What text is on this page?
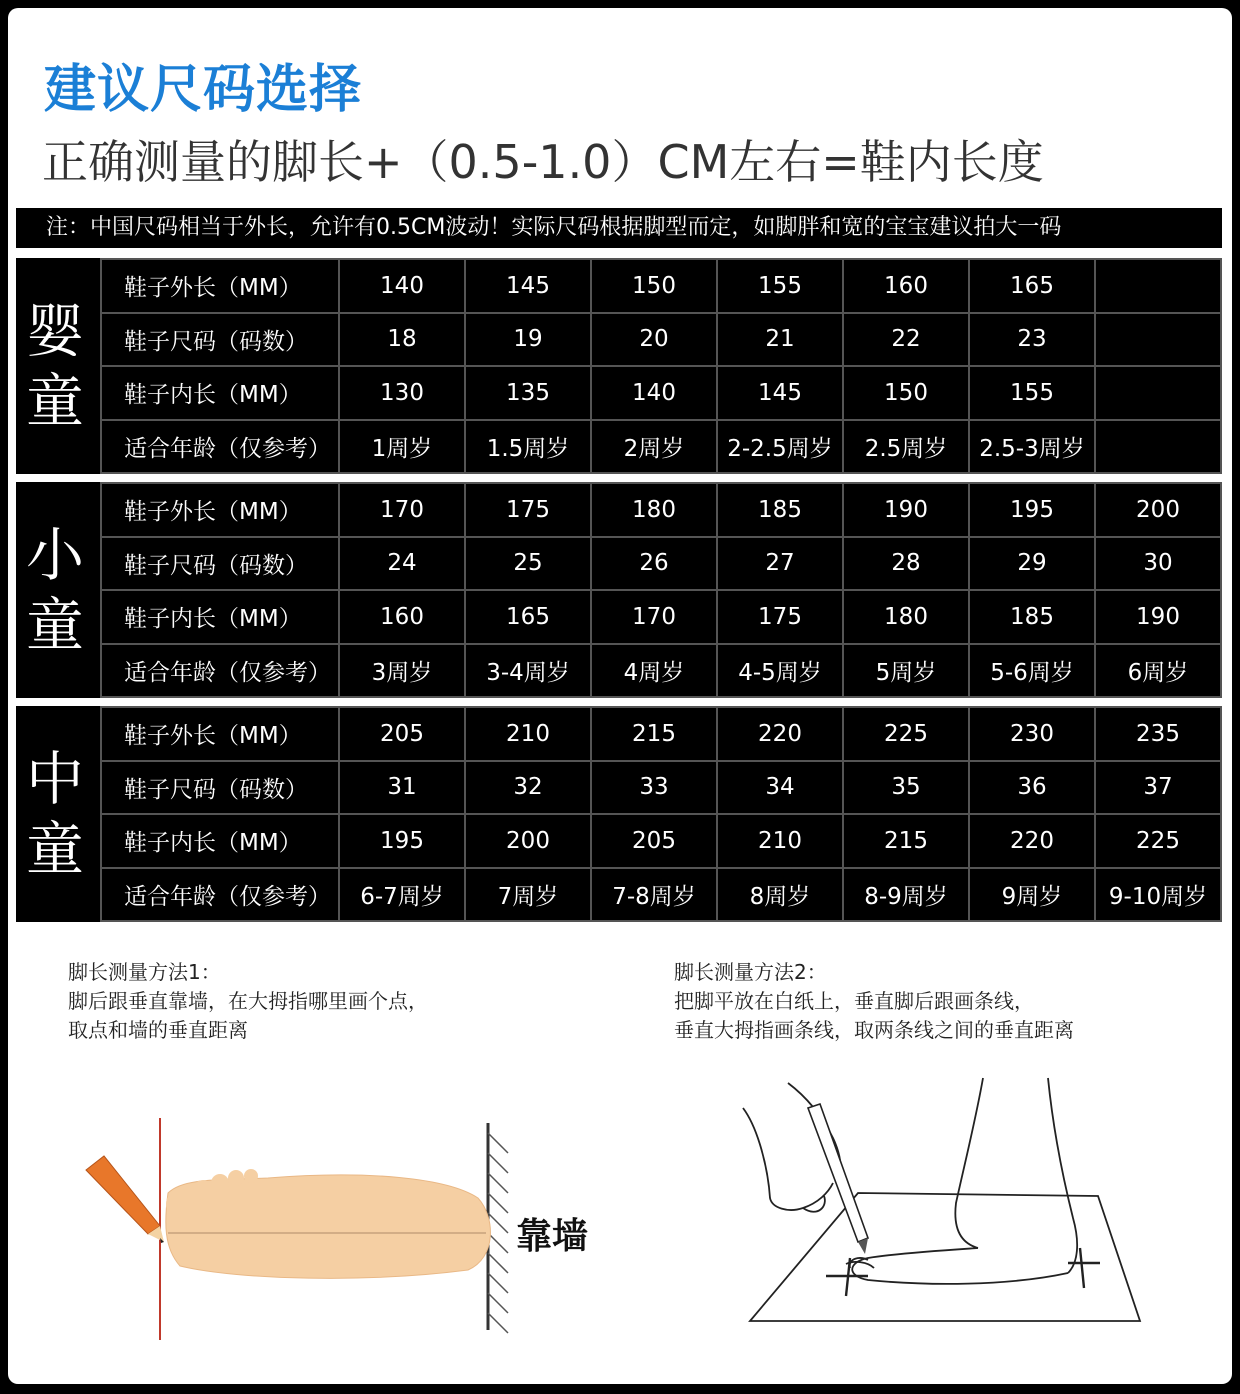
建议尺码选择
正确测量的脚长+（0.5-1.0）CM左右=鞋内长度
注：中国尺码相当于外长，允许有0.5CM波动！实际尺码根据脚型而定，如脚胖和宽的宝宝建议拍大一码
婴
童
鞋子外长（MM）	140	145	150	155	160	165	
鞋子尺码（码数）	18	19	20	21	22	23	
鞋子内长（MM）	130	135	140	145	150	155	
适合年龄（仅参考）	1周岁	1.5周岁	2周岁	2-2.5周岁	2.5周岁	2.5-3周岁	
小
童
鞋子外长（MM）	170	175	180	185	190	195	200
鞋子尺码（码数）	24	25	26	27	28	29	30
鞋子内长（MM）	160	165	170	175	180	185	190
适合年龄（仅参考）	3周岁	3-4周岁	4周岁	4-5周岁	5周岁	5-6周岁	6周岁
中
童
鞋子外长（MM）	205	210	215	220	225	230	235
鞋子尺码（码数）	31	32	33	34	35	36	37
鞋子内长（MM）	195	200	205	210	215	220	225
适合年龄（仅参考）	6-7周岁	7周岁	7-8周岁	8周岁	8-9周岁	9周岁	9-10周岁
脚长测量方法1：
脚后跟垂直靠墙，在大拇指哪里画个点，
取点和墙的垂直距离
脚长测量方法2：
把脚平放在白纸上，垂直脚后跟画条线，
垂直大拇指画条线，取两条线之间的垂直距离
靠墙
